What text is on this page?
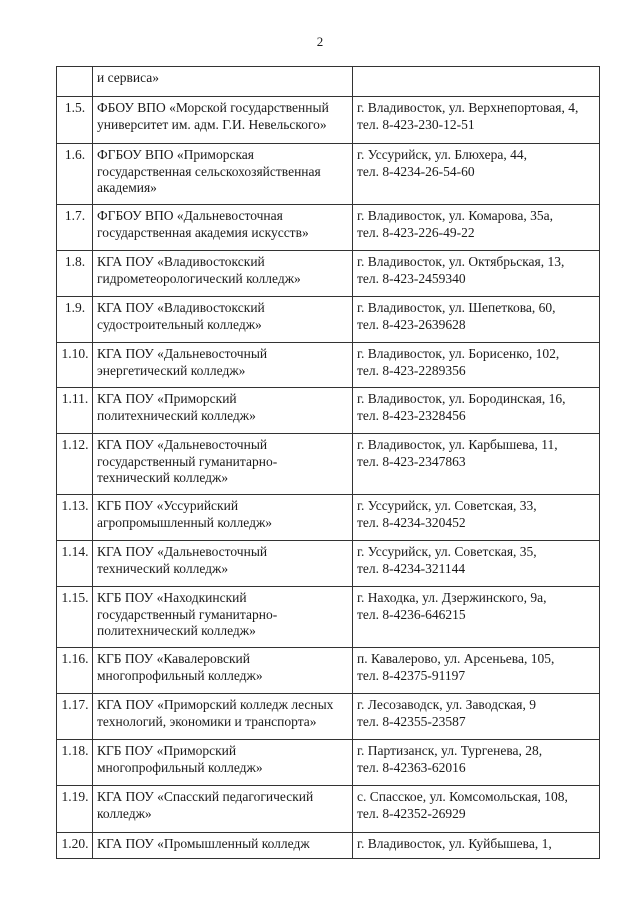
2

	и сервиса»	

1.5.	ФБОУ ВПО «Морской государственный
университет им. адм. Г.И. Невельского»	г. Владивосток, ул. Верхнепортовая, 4,
тел. 8-423-230-12-51

1.6.	ФГБОУ ВПО «Приморская
государственная сельскохозяйственная
академия»	г. Уссурийск, ул. Блюхера, 44,
тел. 8-4234-26-54-60

1.7.	ФГБОУ ВПО «Дальневосточная
государственная академия искусств»	г. Владивосток, ул. Комарова, 35а,
тел. 8-423-226-49-22

1.8.	КГА ПОУ «Владивостокский
гидрометеорологический колледж»	г. Владивосток, ул. Октябрьская, 13,
тел. 8-423-2459340

1.9.	КГА ПОУ «Владивостокский
судостроительный колледж»	г. Владивосток, ул. Шепеткова, 60,
тел. 8-423-2639628

1.10.	КГА ПОУ «Дальневосточный
энергетический колледж»	г. Владивосток, ул. Борисенко, 102,
тел. 8-423-2289356

1.11.	КГА ПОУ «Приморский
политехнический колледж»	г. Владивосток, ул. Бородинская, 16,
тел. 8-423-2328456

1.12.	КГА ПОУ «Дальневосточный
государственный гуманитарно-
технический колледж»	г. Владивосток, ул. Карбышева, 11,
тел. 8-423-2347863

1.13.	КГБ ПОУ «Уссурийский
агропромышленный колледж»	г. Уссурийск, ул. Советская, 33,
тел. 8-4234-320452

1.14.	КГА ПОУ «Дальневосточный
технический колледж»	г. Уссурийск, ул. Советская, 35,
тел. 8-4234-321144

1.15.	КГБ ПОУ «Находкинский
государственный гуманитарно-
политехнический колледж»	г. Находка, ул. Дзержинского, 9а,
тел. 8-4236-646215

1.16.	КГБ ПОУ «Кавалеровский
многопрофильный колледж»	п. Кавалерово, ул. Арсеньева, 105,
тел. 8-42375-91197

1.17.	КГА ПОУ «Приморский колледж лесных
технологий, экономики и транспорта»	г. Лесозаводск, ул. Заводская, 9
тел. 8-42355-23587

1.18.	КГБ ПОУ «Приморский
многопрофильный колледж»	г. Партизанск, ул. Тургенева, 28,
тел. 8-42363-62016

1.19.	КГА ПОУ «Спасский педагогический
колледж»	с. Спасское, ул. Комсомольская, 108,
тел. 8-42352-26929

1.20.	КГА ПОУ «Промышленный колледж	г. Владивосток, ул. Куйбышева, 1,
